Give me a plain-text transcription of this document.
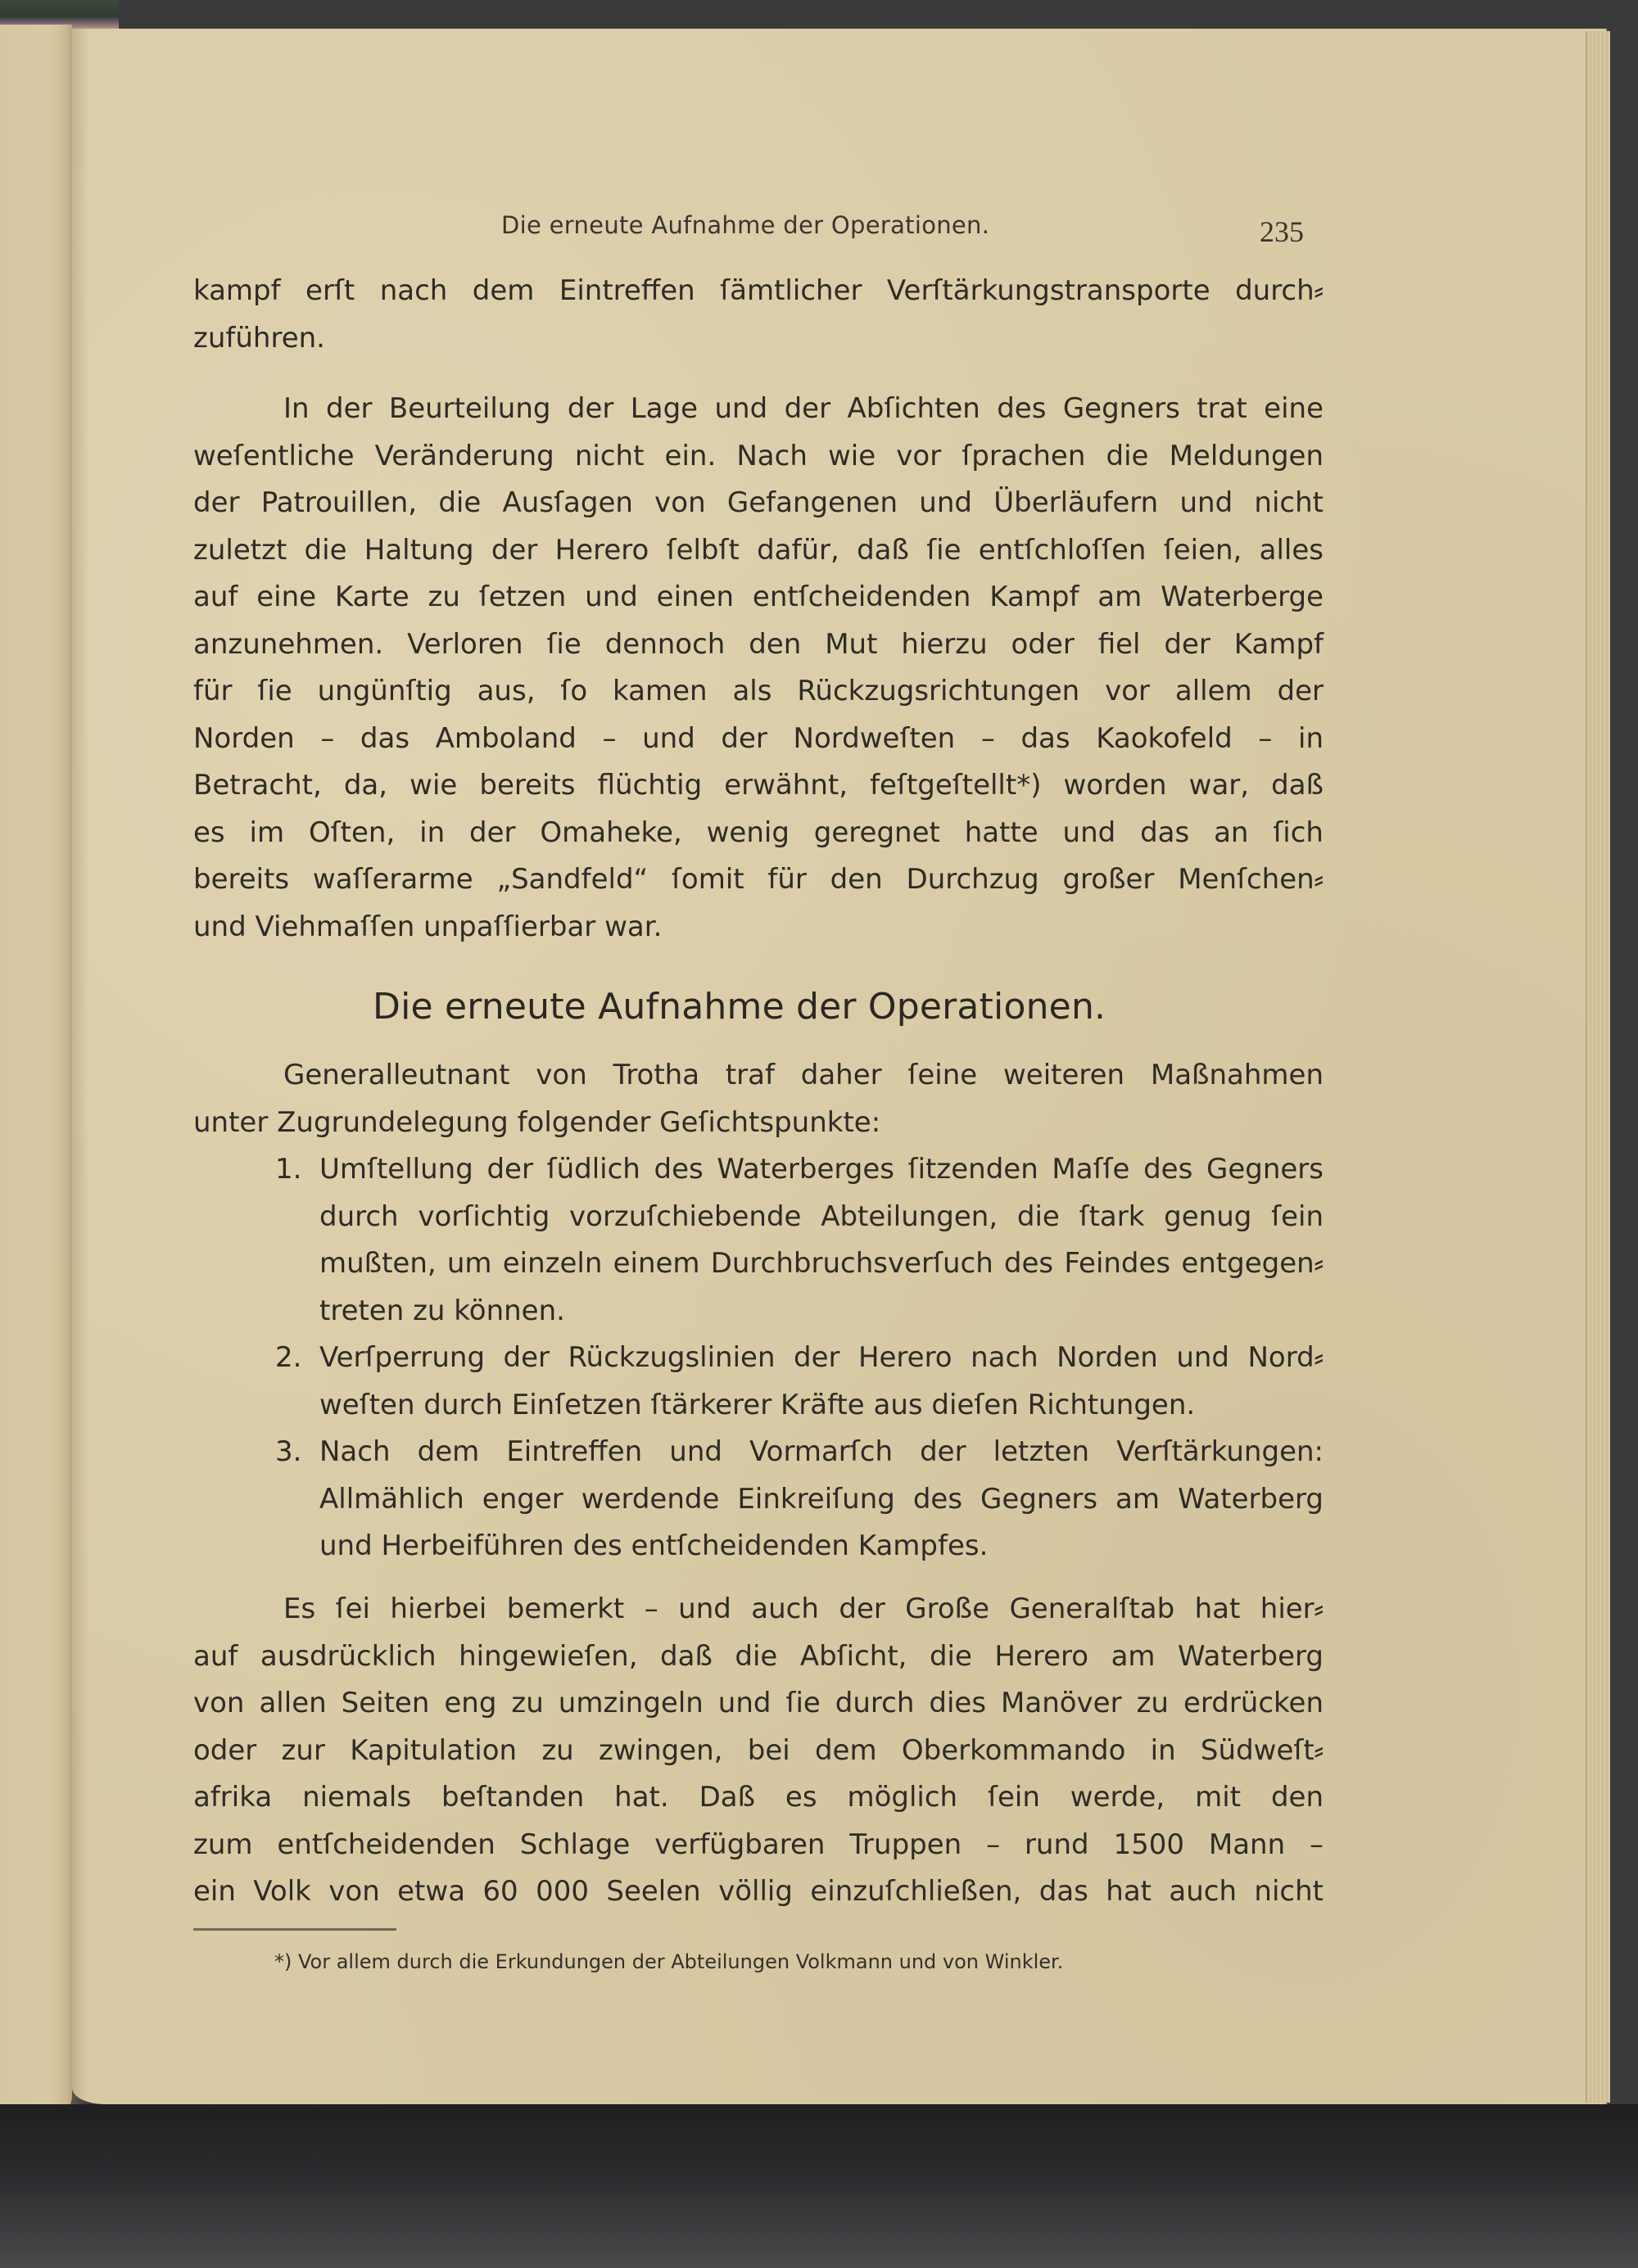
Die erneute Aufnahme der Operationen.	235
kampf erſt nach dem Eintreffen ſämtlicher Verſtärkungstransporte durch⸗
zuführen.
In der Beurteilung der Lage und der Abſichten des Gegners trat eine
weſentliche Veränderung nicht ein. Nach wie vor ſprachen die Meldungen
der Patrouillen, die Ausſagen von Gefangenen und Überläufern und nicht
zuletzt die Haltung der Herero ſelbſt dafür, daß ſie entſchloſſen ſeien, alles
auf eine Karte zu ſetzen und einen entſcheidenden Kampf am Waterberge
anzunehmen. Verloren ſie dennoch den Mut hierzu oder fiel der Kampf
für ſie ungünſtig aus, ſo kamen als Rückzugsrichtungen vor allem der
Norden – das Amboland – und der Nordweſten – das Kaokofeld – in
Betracht, da, wie bereits flüchtig erwähnt, feſtgeſtellt*) worden war, daß
es im Oſten, in der Omaheke, wenig geregnet hatte und das an ſich
bereits waſſerarme „Sandfeld“ ſomit für den Durchzug großer Menſchen⸗
und Viehmaſſen unpaſſierbar war.
Die erneute Aufnahme der Operationen.
Generalleutnant von Trotha traf daher ſeine weiteren Maßnahmen
unter Zugrundelegung folgender Geſichtspunkte:
1. Umſtellung der ſüdlich des Waterberges ſitzenden Maſſe des Gegners
durch vorſichtig vorzuſchiebende Abteilungen, die ſtark genug ſein
mußten, um einzeln einem Durchbruchsverſuch des Feindes entgegen⸗
treten zu können.
2. Verſperrung der Rückzugslinien der Herero nach Norden und Nord⸗
weſten durch Einſetzen ſtärkerer Kräfte aus dieſen Richtungen.
3. Nach dem Eintreffen und Vormarſch der letzten Verſtärkungen:
Allmählich enger werdende Einkreiſung des Gegners am Waterberg
und Herbeiführen des entſcheidenden Kampfes.
Es ſei hierbei bemerkt – und auch der Große Generalſtab hat hier⸗
auf ausdrücklich hingewieſen, daß die Abſicht, die Herero am Waterberg
von allen Seiten eng zu umzingeln und ſie durch dies Manöver zu erdrücken
oder zur Kapitulation zu zwingen, bei dem Oberkommando in Südweſt⸗
afrika niemals beſtanden hat. Daß es möglich ſein werde, mit den
zum entſcheidenden Schlage verfügbaren Truppen – rund 1500 Mann –
ein Volk von etwa 60 000 Seelen völlig einzuſchließen, das hat auch nicht
*) Vor allem durch die Erkundungen der Abteilungen Volkmann und von Winkler.
